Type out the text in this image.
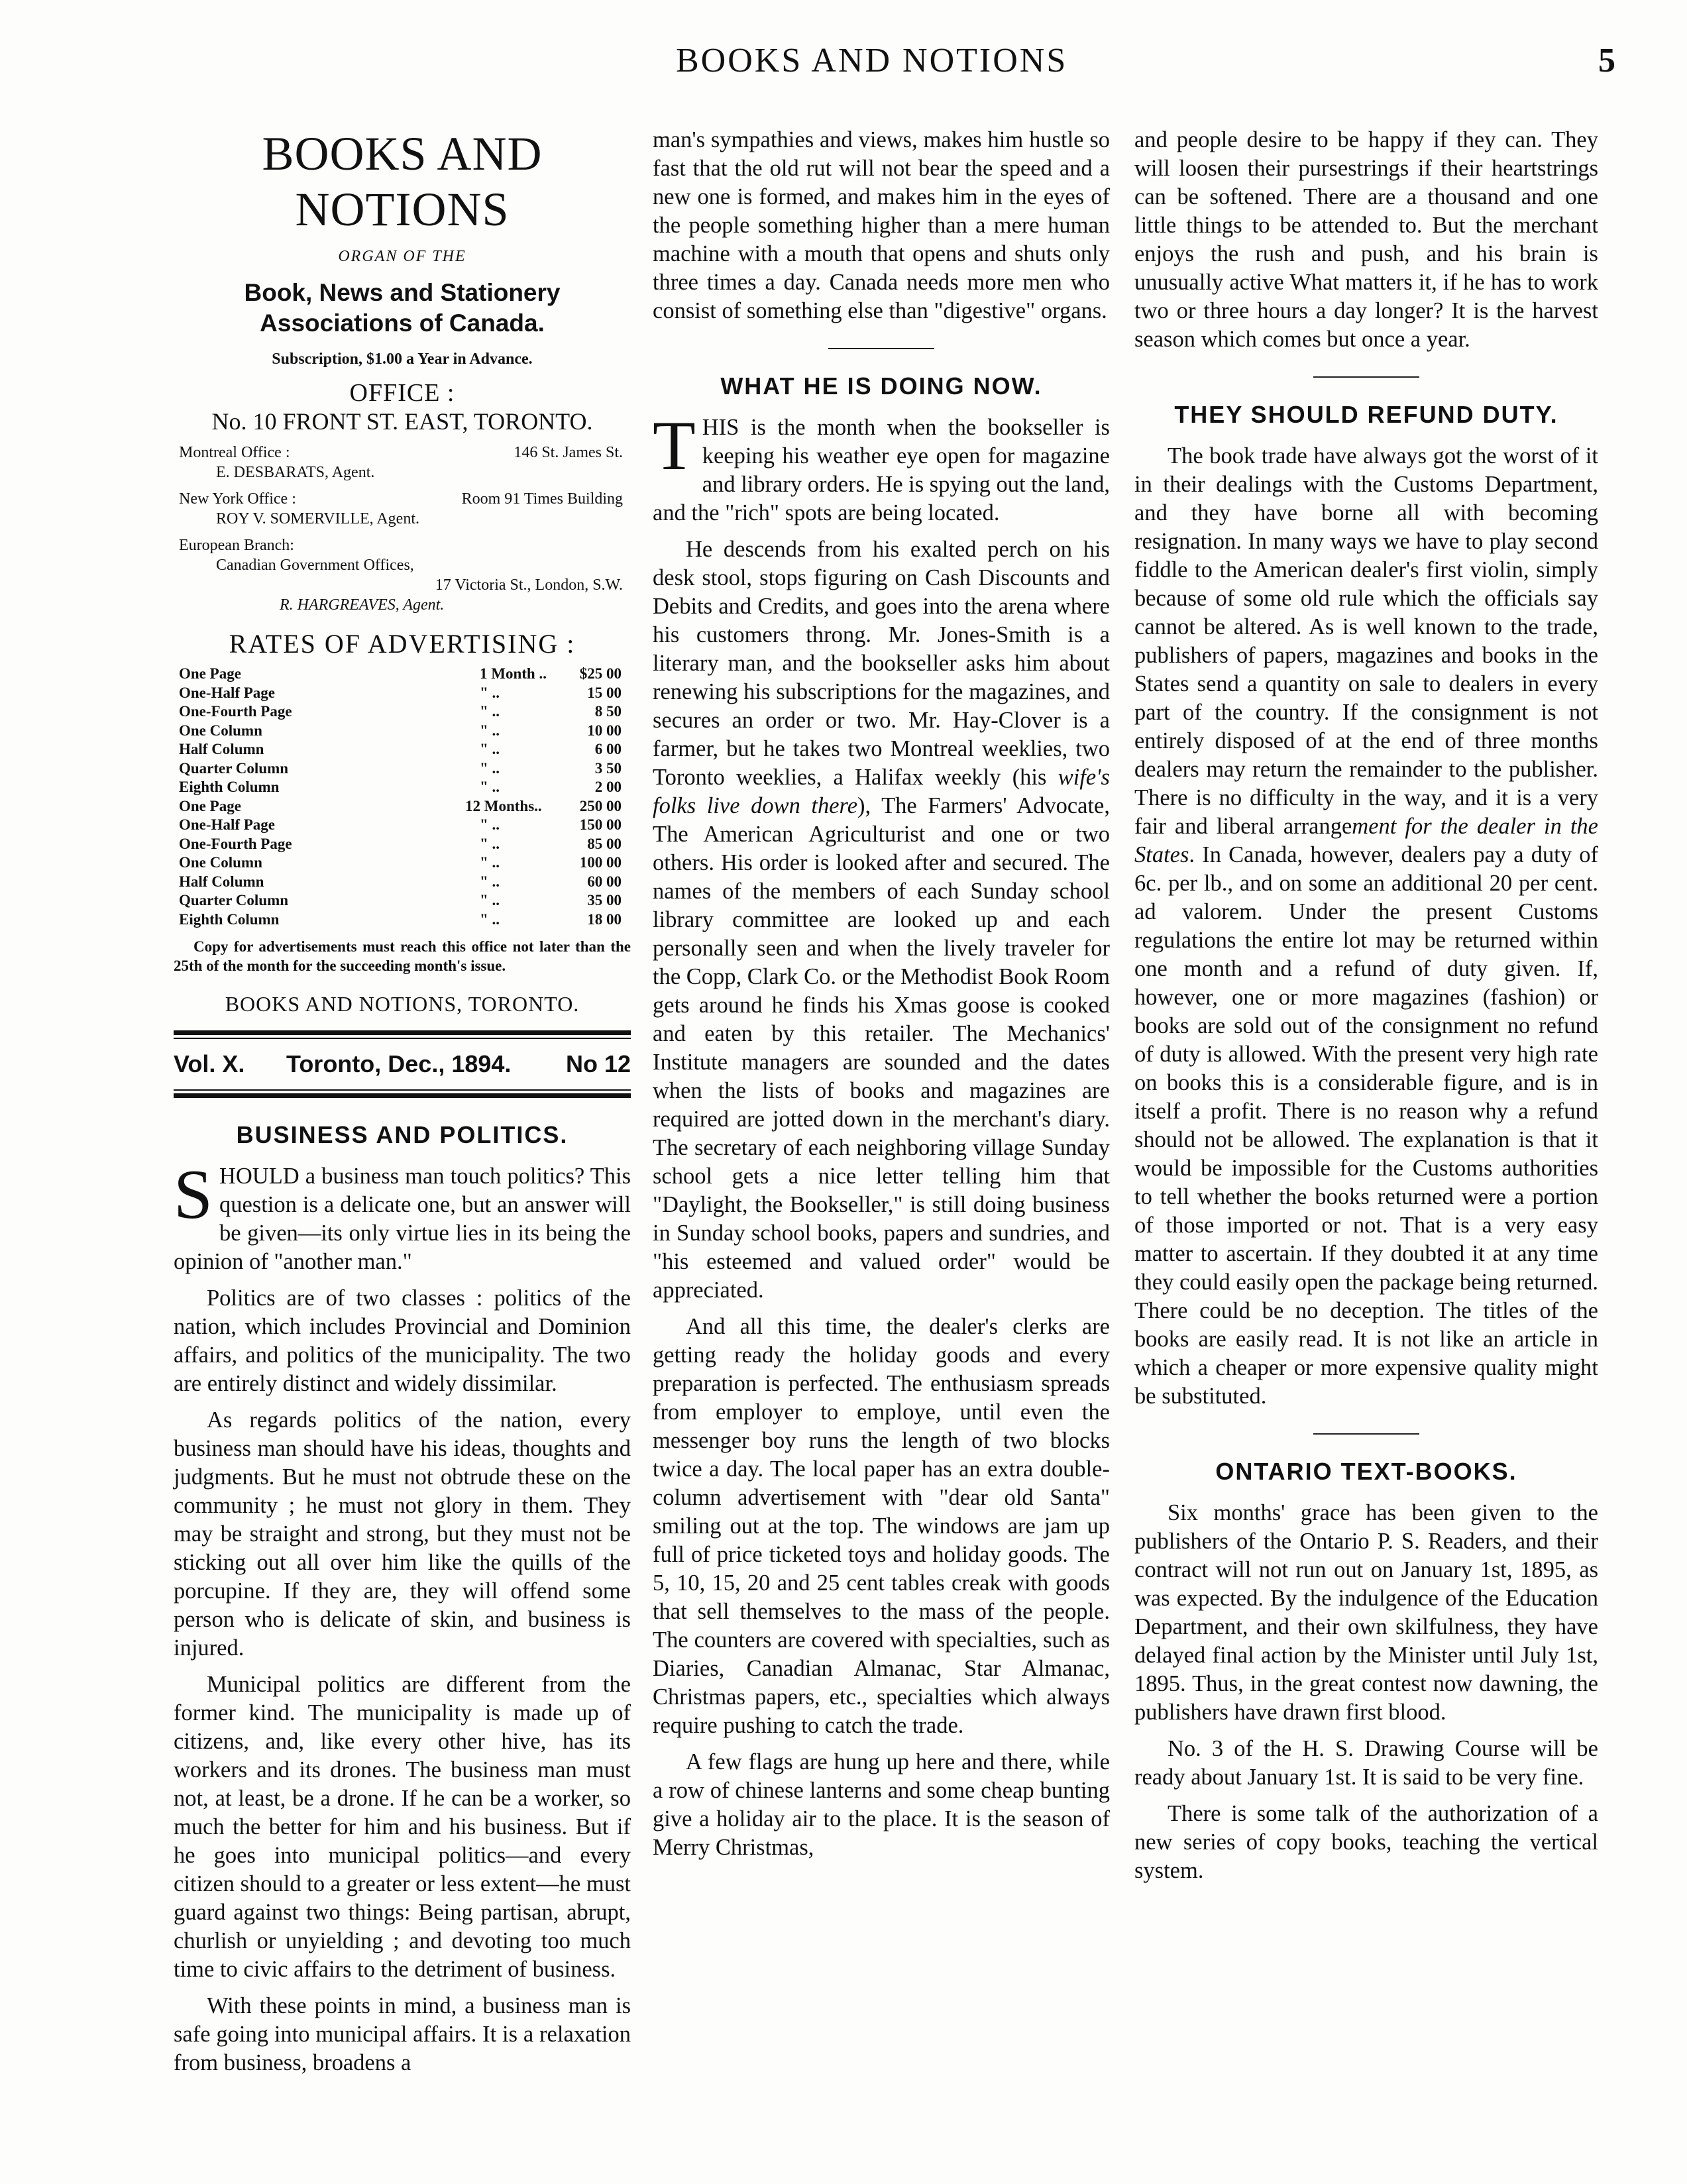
BOOKS AND NOTIONS	5
BOOKS AND NOTIONS
ORGAN OF THE
Book, News and Stationery Associations of Canada.
Subscription, $1.00 a Year in Advance.
OFFICE :
No. 10 FRONT ST. EAST, TORONTO.
Montreal Office :	146 St. James St.
E. DESBARATS, Agent.
New York Office :	Room 91 Times Building
ROY V. SOMERVILLE, Agent.
European Branch:
Canadian Government Offices,
17 Victoria St., London, S.W.
R. HARGREAVES, Agent.
RATES OF ADVERTISING :
One Page	1 Month .. $25 00
One-Half Page	" ..	15 00
One-Fourth Page	" ..	8 50
One Column	" ..	10 00
Half Column	" ..	6 00
Quarter Column	" ..	3 50
Eighth Column	" ..	2 00
One Page	12 Months.. 250 00
One-Half Page	" ..	150 00
One-Fourth Page	" ..	85 00
One Column	" ..	100 00
Half Column	" ..	60 00
Quarter Column	" ..	35 00
Eighth Column	" ..	18 00

Copy for advertisements must reach this office not later than the 25th of the month for the succeeding month's issue.

BOOKS AND NOTIONS, TORONTO.
Vol. X. Toronto, Dec., 1894. No 12
BUSINESS AND POLITICS.

SHOULD a business man touch politics? This question is a delicate one, but an answer will be given—its only virtue lies in its being the opinion of "another man."

Politics are of two classes : politics of the nation, which includes Provincial and Dominion affairs, and politics of the municipality. The two are entirely distinct and widely dissimilar.

As regards politics of the nation, every business man should have his ideas, thoughts and judgments. But he must not obtrude these on the community ; he must not glory in them. They may be straight and strong, but they must not be sticking out all over him like the quills of the porcupine. If they are, they will offend some person who is delicate of skin, and business is injured.

Municipal politics are different from the former kind. The municipality is made up of citizens, and, like every other hive, has its workers and its drones. The business man must not, at least, be a drone. If he can be a worker, so much the better for him and his business. But if he goes into municipal politics—and every citizen should to a greater or less extent—he must guard against two things: Being partisan, abrupt, churlish or unyielding ; and devoting too much time to civic affairs to the detriment of business.

With these points in mind, a business man is safe going into municipal affairs. It is a relaxation from business, broadens a

man's sympathies and views, makes him hustle so fast that the old rut will not bear the speed and a new one is formed, and makes him in the eyes of the people something higher than a mere human machine with a mouth that opens and shuts only three times a day. Canada needs more men who consist of something else than "digestive" organs.

WHAT HE IS DOING NOW.

THIS is the month when the bookseller is keeping his weather eye open for magazine and library orders. He is spying out the land, and the "rich" spots are being located.

He descends from his exalted perch on his desk stool, stops figuring on Cash Discounts and Debits and Credits, and goes into the arena where his customers throng. Mr. Jones-Smith is a literary man, and the bookseller asks him about renewing his subscriptions for the magazines, and secures an order or two. Mr. Hay-Clover is a farmer, but he takes two Montreal weeklies, two Toronto weeklies, a Halifax weekly (his wife's folks live down there), The Farmers' Advocate, The American Agriculturist and one or two others. His order is looked after and secured. The names of the members of each Sunday school library committee are looked up and each personally seen and when the lively traveler for the Copp, Clark Co. or the Methodist Book Room gets around he finds his Xmas goose is cooked and eaten by this retailer. The Mechanics' Institute managers are sounded and the dates when the lists of books and magazines are required are jotted down in the merchant's diary. The secretary of each neighboring village Sunday school gets a nice letter telling him that "Daylight, the Bookseller," is still doing business in Sunday school books, papers and sundries, and "his esteemed and valued order" would be appreciated.

And all this time, the dealer's clerks are getting ready the holiday goods and every preparation is perfected. The enthusiasm spreads from employer to employe, until even the messenger boy runs the length of two blocks twice a day. The local paper has an extra double-column advertisement with "dear old Santa" smiling out at the top. The windows are jam up full of price ticketed toys and holiday goods. The 5, 10, 15, 20 and 25 cent tables creak with goods that sell themselves to the mass of the people. The counters are covered with specialties, such as Diaries, Canadian Almanac, Star Almanac, Christmas papers, etc., specialties which always require pushing to catch the trade.

A few flags are hung up here and there, while a row of chinese lanterns and some cheap bunting give a holiday air to the place. It is the season of Merry Christmas,

and people desire to be happy if they can. They will loosen their pursestrings if their heartstrings can be softened. There are a thousand and one little things to be attended to. But the merchant enjoys the rush and push, and his brain is unusually active What matters it, if he has to work two or three hours a day longer? It is the harvest season which comes but once a year.

THEY SHOULD REFUND DUTY.

The book trade have always got the worst of it in their dealings with the Customs Department, and they have borne all with becoming resignation. In many ways we have to play second fiddle to the American dealer's first violin, simply because of some old rule which the officials say cannot be altered. As is well known to the trade, publishers of papers, magazines and books in the States send a quantity on sale to dealers in every part of the country. If the consignment is not entirely disposed of at the end of three months dealers may return the remainder to the publisher. There is no difficulty in the way, and it is a very fair and liberal arrangement for the dealer in the States. In Canada, however, dealers pay a duty of 6c. per lb., and on some an additional 20 per cent. ad valorem. Under the present Customs regulations the entire lot may be returned within one month and a refund of duty given. If, however, one or more magazines (fashion) or books are sold out of the consignment no refund of duty is allowed. With the present very high rate on books this is a considerable figure, and is in itself a profit. There is no reason why a refund should not be allowed. The explanation is that it would be impossible for the Customs authorities to tell whether the books returned were a portion of those imported or not. That is a very easy matter to ascertain. If they doubted it at any time they could easily open the package being returned. There could be no deception. The titles of the books are easily read. It is not like an article in which a cheaper or more expensive quality might be substituted.

ONTARIO TEXT-BOOKS.

Six months' grace has been given to the publishers of the Ontario P. S. Readers, and their contract will not run out on January 1st, 1895, as was expected. By the indulgence of the Education Department, and their own skilfulness, they have delayed final action by the Minister until July 1st, 1895. Thus, in the great contest now dawning, the publishers have drawn first blood.

No. 3 of the H. S. Drawing Course will be ready about January 1st. It is said to be very fine.

There is some talk of the authorization of a new series of copy books, teaching the vertical system.
